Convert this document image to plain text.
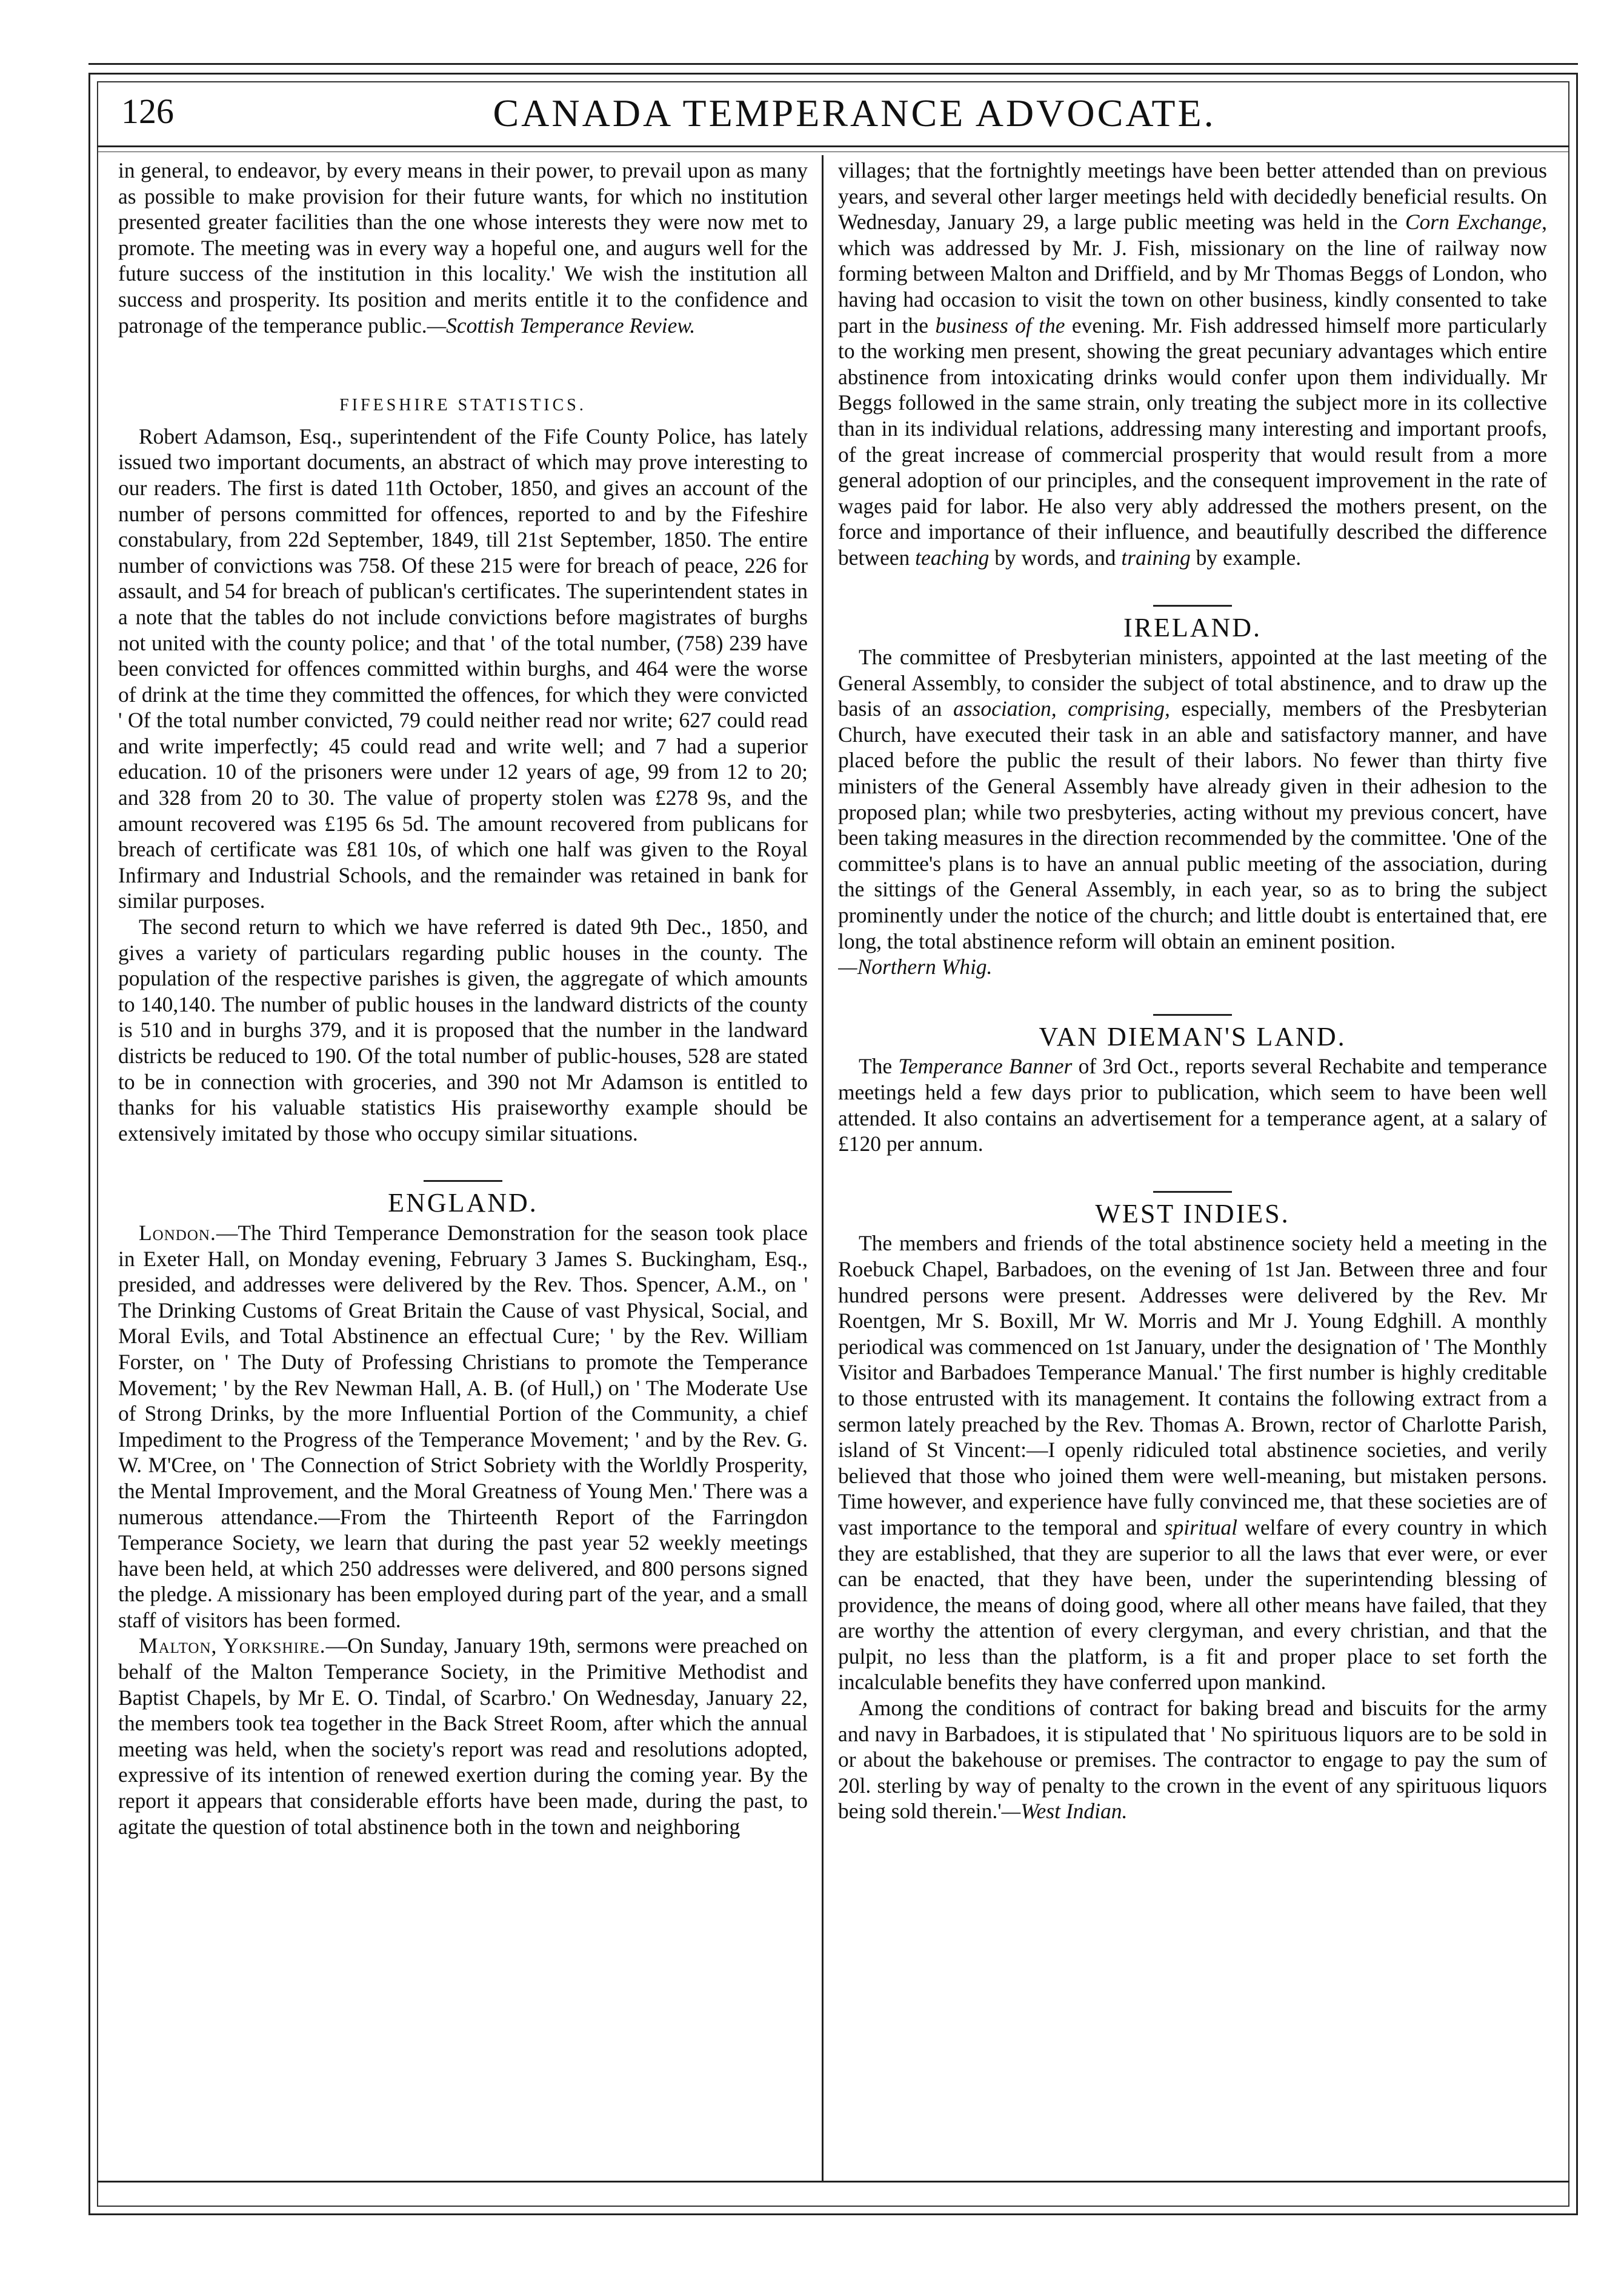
126	CANADA TEMPERANCE ADVOCATE.

in general, to endeavor, by every means in their power, to prevail upon as many as possible to make provision for their future wants, for which no institution presented greater facilities than the one whose interests they were now met to promote. The meeting was in every way a hopeful one, and augurs well for the future success of the institution in this locality.' We wish the institution all success and prosperity. Its position and merits entitle it to the confidence and patronage of the temperance public.—Scottish Temperance Review.

FIFESHIRE STATISTICS.

Robert Adamson, Esq., superintendent of the Fife County Police, has lately issued two important documents, an abstract of which may prove interesting to our readers. The first is dated 11th October, 1850, and gives an account of the number of persons committed for offences, reported to and by the Fifeshire constabulary, from 22d September, 1849, till 21st September, 1850. The entire number of convictions was 758. Of these 215 were for breach of peace, 226 for assault, and 54 for breach of publican's certificates. The superintendent states in a note that the tables do not include convictions before magistrates of burghs not united with the county police; and that ' of the total number, (758) 239 have been convicted for offences committed within burghs, and 464 were the worse of drink at the time they committed the offences, for which they were convicted ' Of the total number convicted, 79 could neither read nor write; 627 could read and write imperfectly; 45 could read and write well; and 7 had a superior education. 10 of the prisoners were under 12 years of age, 99 from 12 to 20; and 328 from 20 to 30. The value of property stolen was £278 9s, and the amount recovered was £195 6s 5d. The amount recovered from publicans for breach of certificate was £81 10s, of which one half was given to the Royal Infirmary and Industrial Schools, and the remainder was retained in bank for similar purposes.

The second return to which we have referred is dated 9th Dec., 1850, and gives a variety of particulars regarding public houses in the county. The population of the respective parishes is given, the aggregate of which amounts to 140,140. The number of public houses in the landward districts of the county is 510 and in burghs 379, and it is proposed that the number in the landward districts be reduced to 190. Of the total number of public-houses, 528 are stated to be in connection with groceries, and 390 not Mr Adamson is entitled to thanks for his valuable statistics His praiseworthy example should be extensively imitated by those who occupy similar situations.

ENGLAND.

London.—The Third Temperance Demonstration for the season took place in Exeter Hall, on Monday evening, February 3 James S. Buckingham, Esq., presided, and addresses were delivered by the Rev. Thos. Spencer, A.M., on ' The Drinking Customs of Great Britain the Cause of vast Physical, Social, and Moral Evils, and Total Abstinence an effectual Cure; ' by the Rev. William Forster, on ' The Duty of Professing Christians to promote the Temperance Movement; ' by the Rev Newman Hall, A. B. (of Hull,) on ' The Moderate Use of Strong Drinks, by the more Influential Portion of the Community, a chief Impediment to the Progress of the Temperance Movement; ' and by the Rev. G. W. M'Cree, on ' The Connection of Strict Sobriety with the Worldly Prosperity, the Mental Improvement, and the Moral Greatness of Young Men.' There was a numerous attendance.—From the Thirteenth Report of the Farringdon Temperance Society, we learn that during the past year 52 weekly meetings have been held, at which 250 addresses were delivered, and 800 persons signed the pledge. A missionary has been employed during part of the year, and a small staff of visitors has been formed.

Malton, Yorkshire.—On Sunday, January 19th, sermons were preached on behalf of the Malton Temperance Society, in the Primitive Methodist and Baptist Chapels, by Mr E. O. Tindal, of Scarbro.' On Wednesday, January 22, the members took tea together in the Back Street Room, after which the annual meeting was held, when the society's report was read and resolutions adopted, expressive of its intention of renewed exertion during the coming year. By the report it appears that considerable efforts have been made, during the past, to agitate the question of total abstinence both in the town and neighboring

villages; that the fortnightly meetings have been better attended than on previous years, and several other larger meetings held with decidedly beneficial results. On Wednesday, January 29, a large public meeting was held in the Corn Exchange, which was addressed by Mr. J. Fish, missionary on the line of railway now forming between Malton and Driffield, and by Mr Thomas Beggs of London, who having had occasion to visit the town on other business, kindly consented to take part in the business of the evening. Mr. Fish addressed himself more particularly to the working men present, showing the great pecuniary advantages which entire abstinence from intoxicating drinks would confer upon them individually. Mr Beggs followed in the same strain, only treating the subject more in its collective than in its individual relations, addressing many interesting and important proofs, of the great increase of commercial prosperity that would result from a more general adoption of our principles, and the consequent improvement in the rate of wages paid for labor. He also very ably addressed the mothers present, on the force and importance of their influence, and beautifully described the difference between teaching by words, and training by example.

IRELAND.

The committee of Presbyterian ministers, appointed at the last meeting of the General Assembly, to consider the subject of total abstinence, and to draw up the basis of an association, comprising, especially, members of the Presbyterian Church, have executed their task in an able and satisfactory manner, and have placed before the public the result of their labors. No fewer than thirty five ministers of the General Assembly have already given in their adhesion to the proposed plan; while two presbyteries, acting without my previous concert, have been taking measures in the direction recommended by the committee. 'One of the committee's plans is to have an annual public meeting of the association, during the sittings of the General Assembly, in each year, so as to bring the subject prominently under the notice of the church; and little doubt is entertained that, ere long, the total abstinence reform will obtain an eminent position.

—Northern Whig.

VAN DIEMAN'S LAND.

The Temperance Banner of 3rd Oct., reports several Rechabite and temperance meetings held a few days prior to publication, which seem to have been well attended. It also contains an advertisement for a temperance agent, at a salary of £120 per annum.

WEST INDIES.

The members and friends of the total abstinence society held a meeting in the Roebuck Chapel, Barbadoes, on the evening of 1st Jan. Between three and four hundred persons were present. Addresses were delivered by the Rev. Mr Roentgen, Mr S. Boxill, Mr W. Morris and Mr J. Young Edghill. A monthly periodical was commenced on 1st January, under the designation of ' The Monthly Visitor and Barbadoes Temperance Manual.' The first number is highly creditable to those entrusted with its management. It contains the following extract from a sermon lately preached by the Rev. Thomas A. Brown, rector of Charlotte Parish, island of St Vincent:—I openly ridiculed total abstinence societies, and verily believed that those who joined them were well-meaning, but mistaken persons. Time however, and experience have fully convinced me, that these societies are of vast importance to the temporal and spiritual welfare of every country in which they are established, that they are superior to all the laws that ever were, or ever can be enacted, that they have been, under the superintending blessing of providence, the means of doing good, where all other means have failed, that they are worthy the attention of every clergyman, and every christian, and that the pulpit, no less than the platform, is a fit and proper place to set forth the incalculable benefits they have conferred upon mankind.

Among the conditions of contract for baking bread and biscuits for the army and navy in Barbadoes, it is stipulated that ' No spirituous liquors are to be sold in or about the bakehouse or premises. The contractor to engage to pay the sum of 20l. sterling by way of penalty to the crown in the event of any spirituous liquors being sold therein.'—West Indian.
